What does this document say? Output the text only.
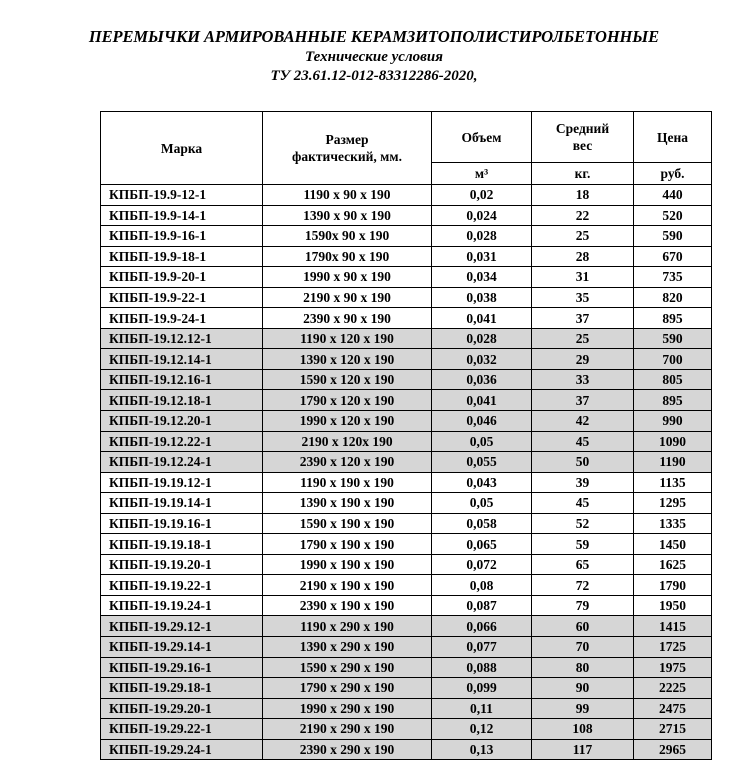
ПЕРЕМЫЧКИ АРМИРОВАННЫЕ КЕРАМЗИТОПОЛИСТИРОЛБЕТОННЫЕ
Технические условия
ТУ 23.61.12-012-83312286-2020,
Марка	Размер фактический, мм.	Объем	Средний вес	Цена
		м³	кг.	руб.
КПБП-19.9-12-1	1190 х 90 х 190	0,02	18	440
КПБП-19.9-14-1	1390 х 90 х 190	0,024	22	520
КПБП-19.9-16-1	1590х 90 х 190	0,028	25	590
КПБП-19.9-18-1	1790х 90 х 190	0,031	28	670
КПБП-19.9-20-1	1990 х 90 х 190	0,034	31	735
КПБП-19.9-22-1	2190 х 90 х 190	0,038	35	820
КПБП-19.9-24-1	2390 х 90 х 190	0,041	37	895
КПБП-19.12.12-1	1190 х 120 х 190	0,028	25	590
КПБП-19.12.14-1	1390 х 120 х 190	0,032	29	700
КПБП-19.12.16-1	1590 х 120 х 190	0,036	33	805
КПБП-19.12.18-1	1790 х 120 х 190	0,041	37	895
КПБП-19.12.20-1	1990 х 120 х 190	0,046	42	990
КПБП-19.12.22-1	2190 х 120х 190	0,05	45	1090
КПБП-19.12.24-1	2390 х 120 х 190	0,055	50	1190
КПБП-19.19.12-1	1190 х 190 х 190	0,043	39	1135
КПБП-19.19.14-1	1390 х 190 х 190	0,05	45	1295
КПБП-19.19.16-1	1590 х 190 х 190	0,058	52	1335
КПБП-19.19.18-1	1790 х 190 х 190	0,065	59	1450
КПБП-19.19.20-1	1990 х 190 х 190	0,072	65	1625
КПБП-19.19.22-1	2190 х 190 х 190	0,08	72	1790
КПБП-19.19.24-1	2390 х 190 х 190	0,087	79	1950
КПБП-19.29.12-1	1190 х 290 х 190	0,066	60	1415
КПБП-19.29.14-1	1390 х 290 х 190	0,077	70	1725
КПБП-19.29.16-1	1590 х 290 х 190	0,088	80	1975
КПБП-19.29.18-1	1790 х 290 х 190	0,099	90	2225
КПБП-19.29.20-1	1990 х 290 х 190	0,11	99	2475
КПБП-19.29.22-1	2190 х 290 х 190	0,12	108	2715
КПБП-19.29.24-1	2390 х 290 х 190	0,13	117	2965
